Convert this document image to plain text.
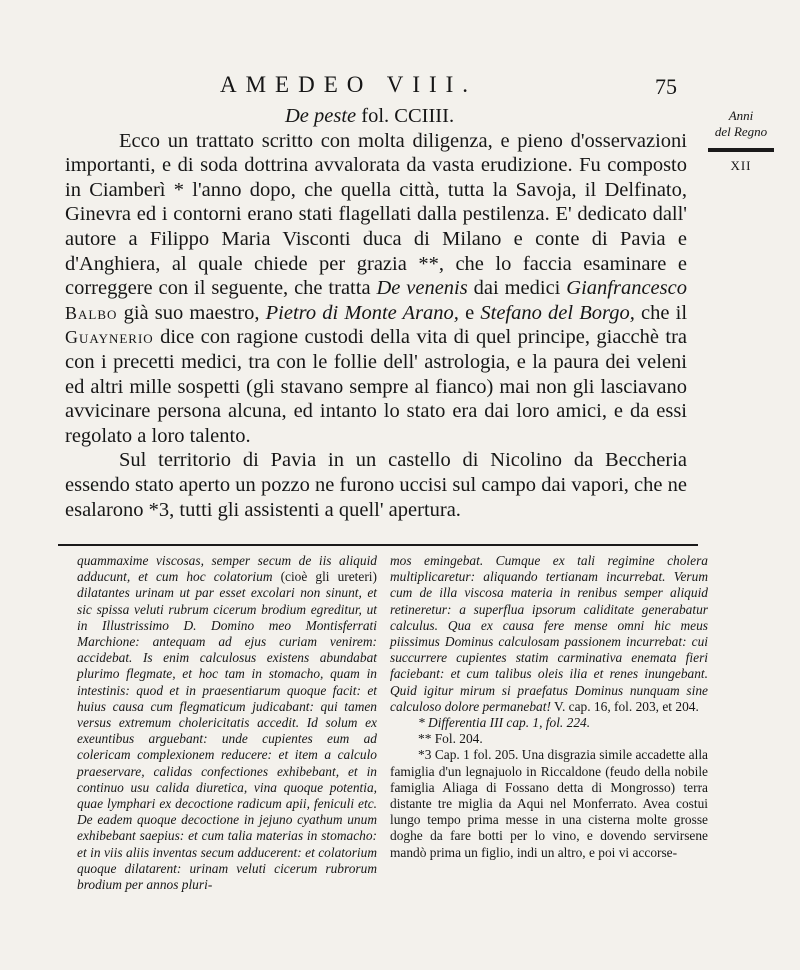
AMEDEO VIII.	75
Anni
del Regno
XII

De peste fol. CCIIII.

Ecco un trattato scritto con molta diligenza, e pieno d'osservazioni importanti, e di soda dottrina avvalorata da vasta erudizione. Fu composto in Ciamberì * l'anno dopo, che quella città, tutta la Savoja, il Delfinato, Ginevra ed i contorni erano stati flagellati dalla pestilenza. E' dedicato dall' autore a Filippo Maria Visconti duca di Milano e conte di Pavia e d'Anghiera, al quale chiede per grazia **, che lo faccia esaminare e correggere con il seguente, che tratta De venenis dai medici Gianfrancesco Balbo già suo maestro, Pietro di Monte Arano, e Stefano del Borgo, che il Guaynerio dice con ragione custodi della vita di quel principe, giacchè tra con i precetti medici, tra con le follie dell' astrologia, e la paura dei veleni ed altri mille sospetti (gli stavano sempre al fianco) mai non gli lasciavano avvicinare persona alcuna, ed intanto lo stato era dai loro amici, e da essi regolato a loro talento.

Sul territorio di Pavia in un castello di Nicolino da Beccheria essendo stato aperto un pozzo ne furono uccisi sul campo dai vapori, che ne esalarono *3, tutti gli assistenti a quell' apertura.

quammaxime viscosas, semper secum de iis aliquid adducunt, et cum hoc colatorium (cioè gli ureteri) dilatantes urinam ut par esset excolari non sinunt, et sic spissa veluti rubrum cicerum brodium egreditur, ut in Illustrissimo D. Domino meo Montisferrati Marchione: antequam ad ejus curiam venirem: accidebat. Is enim calculosus existens abundabat plurimo flegmate, et hoc tam in stomacho, quam in intestinis: quod et in praesentiarum quoque facit: et huius causa cum flegmaticum judicabant: qui tamen versus extremum cholericitatis accedit. Id solum ex exeuntibus arguebant: unde cupientes eum ad colericam complexionem reducere: et item a calculo praeservare, calidas confectiones exhibebant, et in continuo usu calida diuretica, vina quoque potentia, quae lymphari ex decoctione radicum apii, feniculi etc. De eadem quoque decoctione in jejuno cyathum unum exhibebant saepius: et cum talia materias in stomacho: et in viis aliis inventas secum adducerent: et colatorium quoque dilatarent: urinam veluti cicerum rubrorum brodium per annos pluri-

mos emingebat. Cumque ex tali regimine cholera multiplicaretur: aliquando tertianam incurrebat. Verum cum de illa viscosa materia in renibus semper aliquid retineretur: a superflua ipsorum caliditate generabatur calculus. Qua ex causa fere mense omni hic meus piissimus Dominus calculosam passionem incurrebat: cui succurrere cupientes statim carminativa enemata fieri faciebant: et cum talibus oleis ilia et renes inungebant. Quid igitur mirum si praefatus Dominus nunquam sine calculoso dolore permanebat! V. cap. 16, fol. 203, et 204.

* Differentia III cap. 1, fol. 224.

** Fol. 204.

*3 Cap. 1 fol. 205. Una disgrazia simile accadette alla famiglia d'un legnajuolo in Riccaldone (feudo della nobile famiglia Aliaga di Fossano detta di Mongrosso) terra distante tre miglia da Aqui nel Monferrato. Avea costui lungo tempo prima messe in una cisterna molte grosse doghe da fare botti per lo vino, e dovendo servirsene mandò prima un figlio, indi un altro, e poi vi accorse-
